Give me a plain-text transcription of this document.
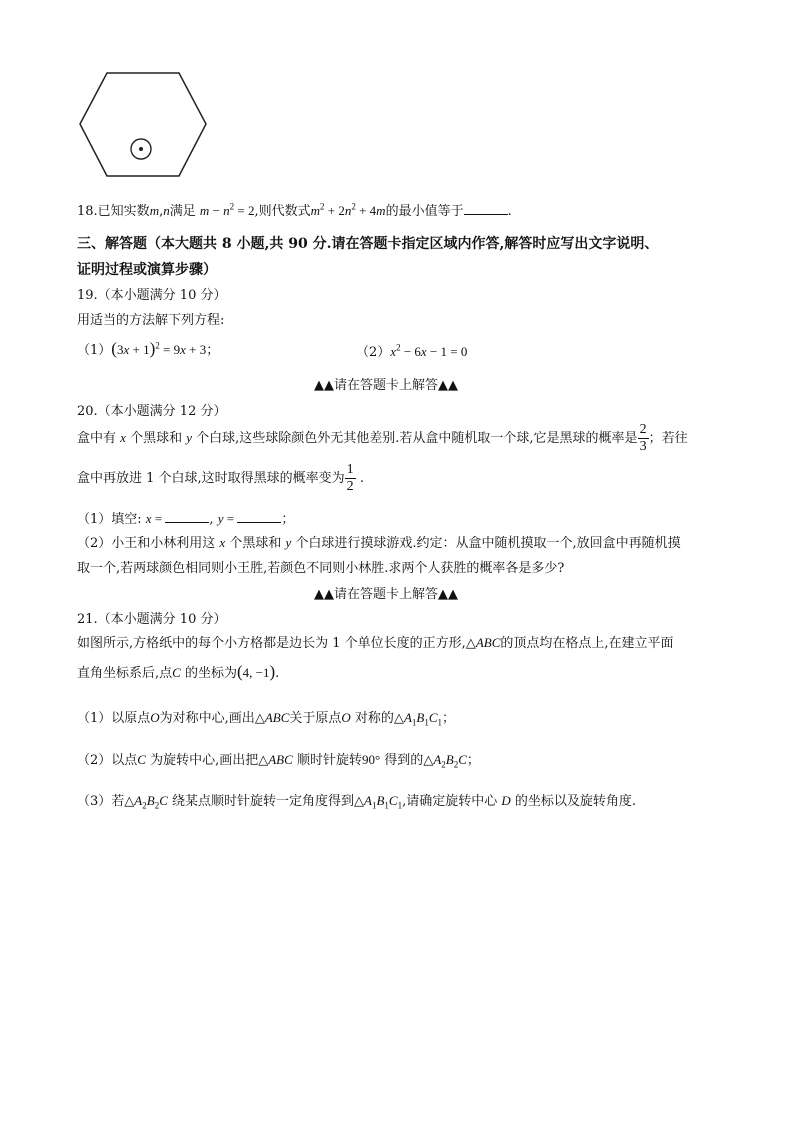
18.已知实数m,n满足 $m - n^2 = 2$,则代数式$m^2 + 2n^2 + 4m$的最小值等于	.
三、解答题（本大题共 8 小题,共 90 分.请在答题卡指定区域内作答,解答时应写出文字说明、
证明过程或演算步骤）
19.（本小题满分 10 分）
用适当的方法解下列方程:
$(1)(3x + 1)^2 = 9x + 3$；	$(2)x^2 - 6x - 1 = 0$
▲▲请在答题卡上解答▲▲
20.（本小题满分 12 分）
盒中有 x 个黑球和 y 个白球,这些球除颜色外无其他差别.若从盒中随机取一个球,它是黑球的概率是 $\frac{2}{3}$ ；若往
盒中再放进 1 个白球,这时取得黑球的概率变为 $\frac{1}{2}$ .
（1）填空: x =	, y =	；
（2）小王和小林利用这 x 个黑球和 y 个白球进行摸球游戏.约定：从盒中随机摸取一个,放回盒中再随机摸
取一个,若两球颜色相同则小王胜,若颜色不同则小林胜.求两个人获胜的概率各是多少?
▲▲请在答题卡上解答▲▲
21.（本小题满分 10 分）
如图所示,方格纸中的每个小方格都是边长为 1 个单位长度的正方形,△ABC的顶点均在格点上,在建立平面
直角坐标系后,点C 的坐标为(4, −1).
（1）以原点O为对称中心,画出△ABC关于原点O 对称的$\triangle A_1B_1C_1$；
（2）以点C 为旋转中心,画出把△ABC 顺时针旋转90° 得到的$\triangle A_2B_2C$；
（3）若$\triangle A_2B_2C$ 绕某点顺时针旋转一定角度得到$\triangle A_1B_1C_1$,请确定旋转中心 D 的坐标以及旋转角度.
